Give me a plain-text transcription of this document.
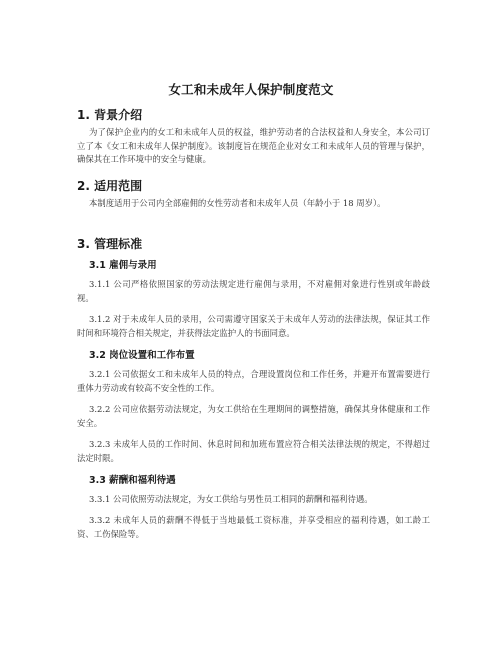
女工和未成年人保护制度范文
1. 背景介绍
为了保护企业内的女工和未成年人员的权益，维护劳动者的合法权益和人身安全，本公司订立了本《女工和未成年人保护制度》。该制度旨在规范企业对女工和未成年人员的管理与保护，确保其在工作环境中的安全与健康。
2. 适用范围
本制度适用于公司内全部雇佣的女性劳动者和未成年人员（年龄小于 18 周岁）。
3. 管理标准
3.1 雇佣与录用
3.1.1 公司严格依照国家的劳动法规定进行雇佣与录用，不对雇佣对象进行性别或年龄歧视。
3.1.2 对于未成年人员的录用，公司需遵守国家关于未成年人劳动的法律法规，保证其工作时间和环境符合相关规定，并获得法定监护人的书面同意。
3.2 岗位设置和工作布置
3.2.1 公司依据女工和未成年人员的特点，合理设置岗位和工作任务，并避开布置需要进行重体力劳动或有较高不安全性的工作。
3.2.2 公司应依据劳动法规定，为女工供给在生理期间的调整措施，确保其身体健康和工作安全。
3.2.3 未成年人员的工作时间、休息时间和加班布置应符合相关法律法规的规定，不得超过法定时限。
3.3 薪酬和福利待遇
3.3.1 公司依照劳动法规定，为女工供给与男性员工相同的薪酬和福利待遇。
3.3.2 未成年人员的薪酬不得低于当地最低工资标准，并享受相应的福利待遇，如工龄工资、工伤保险等。
